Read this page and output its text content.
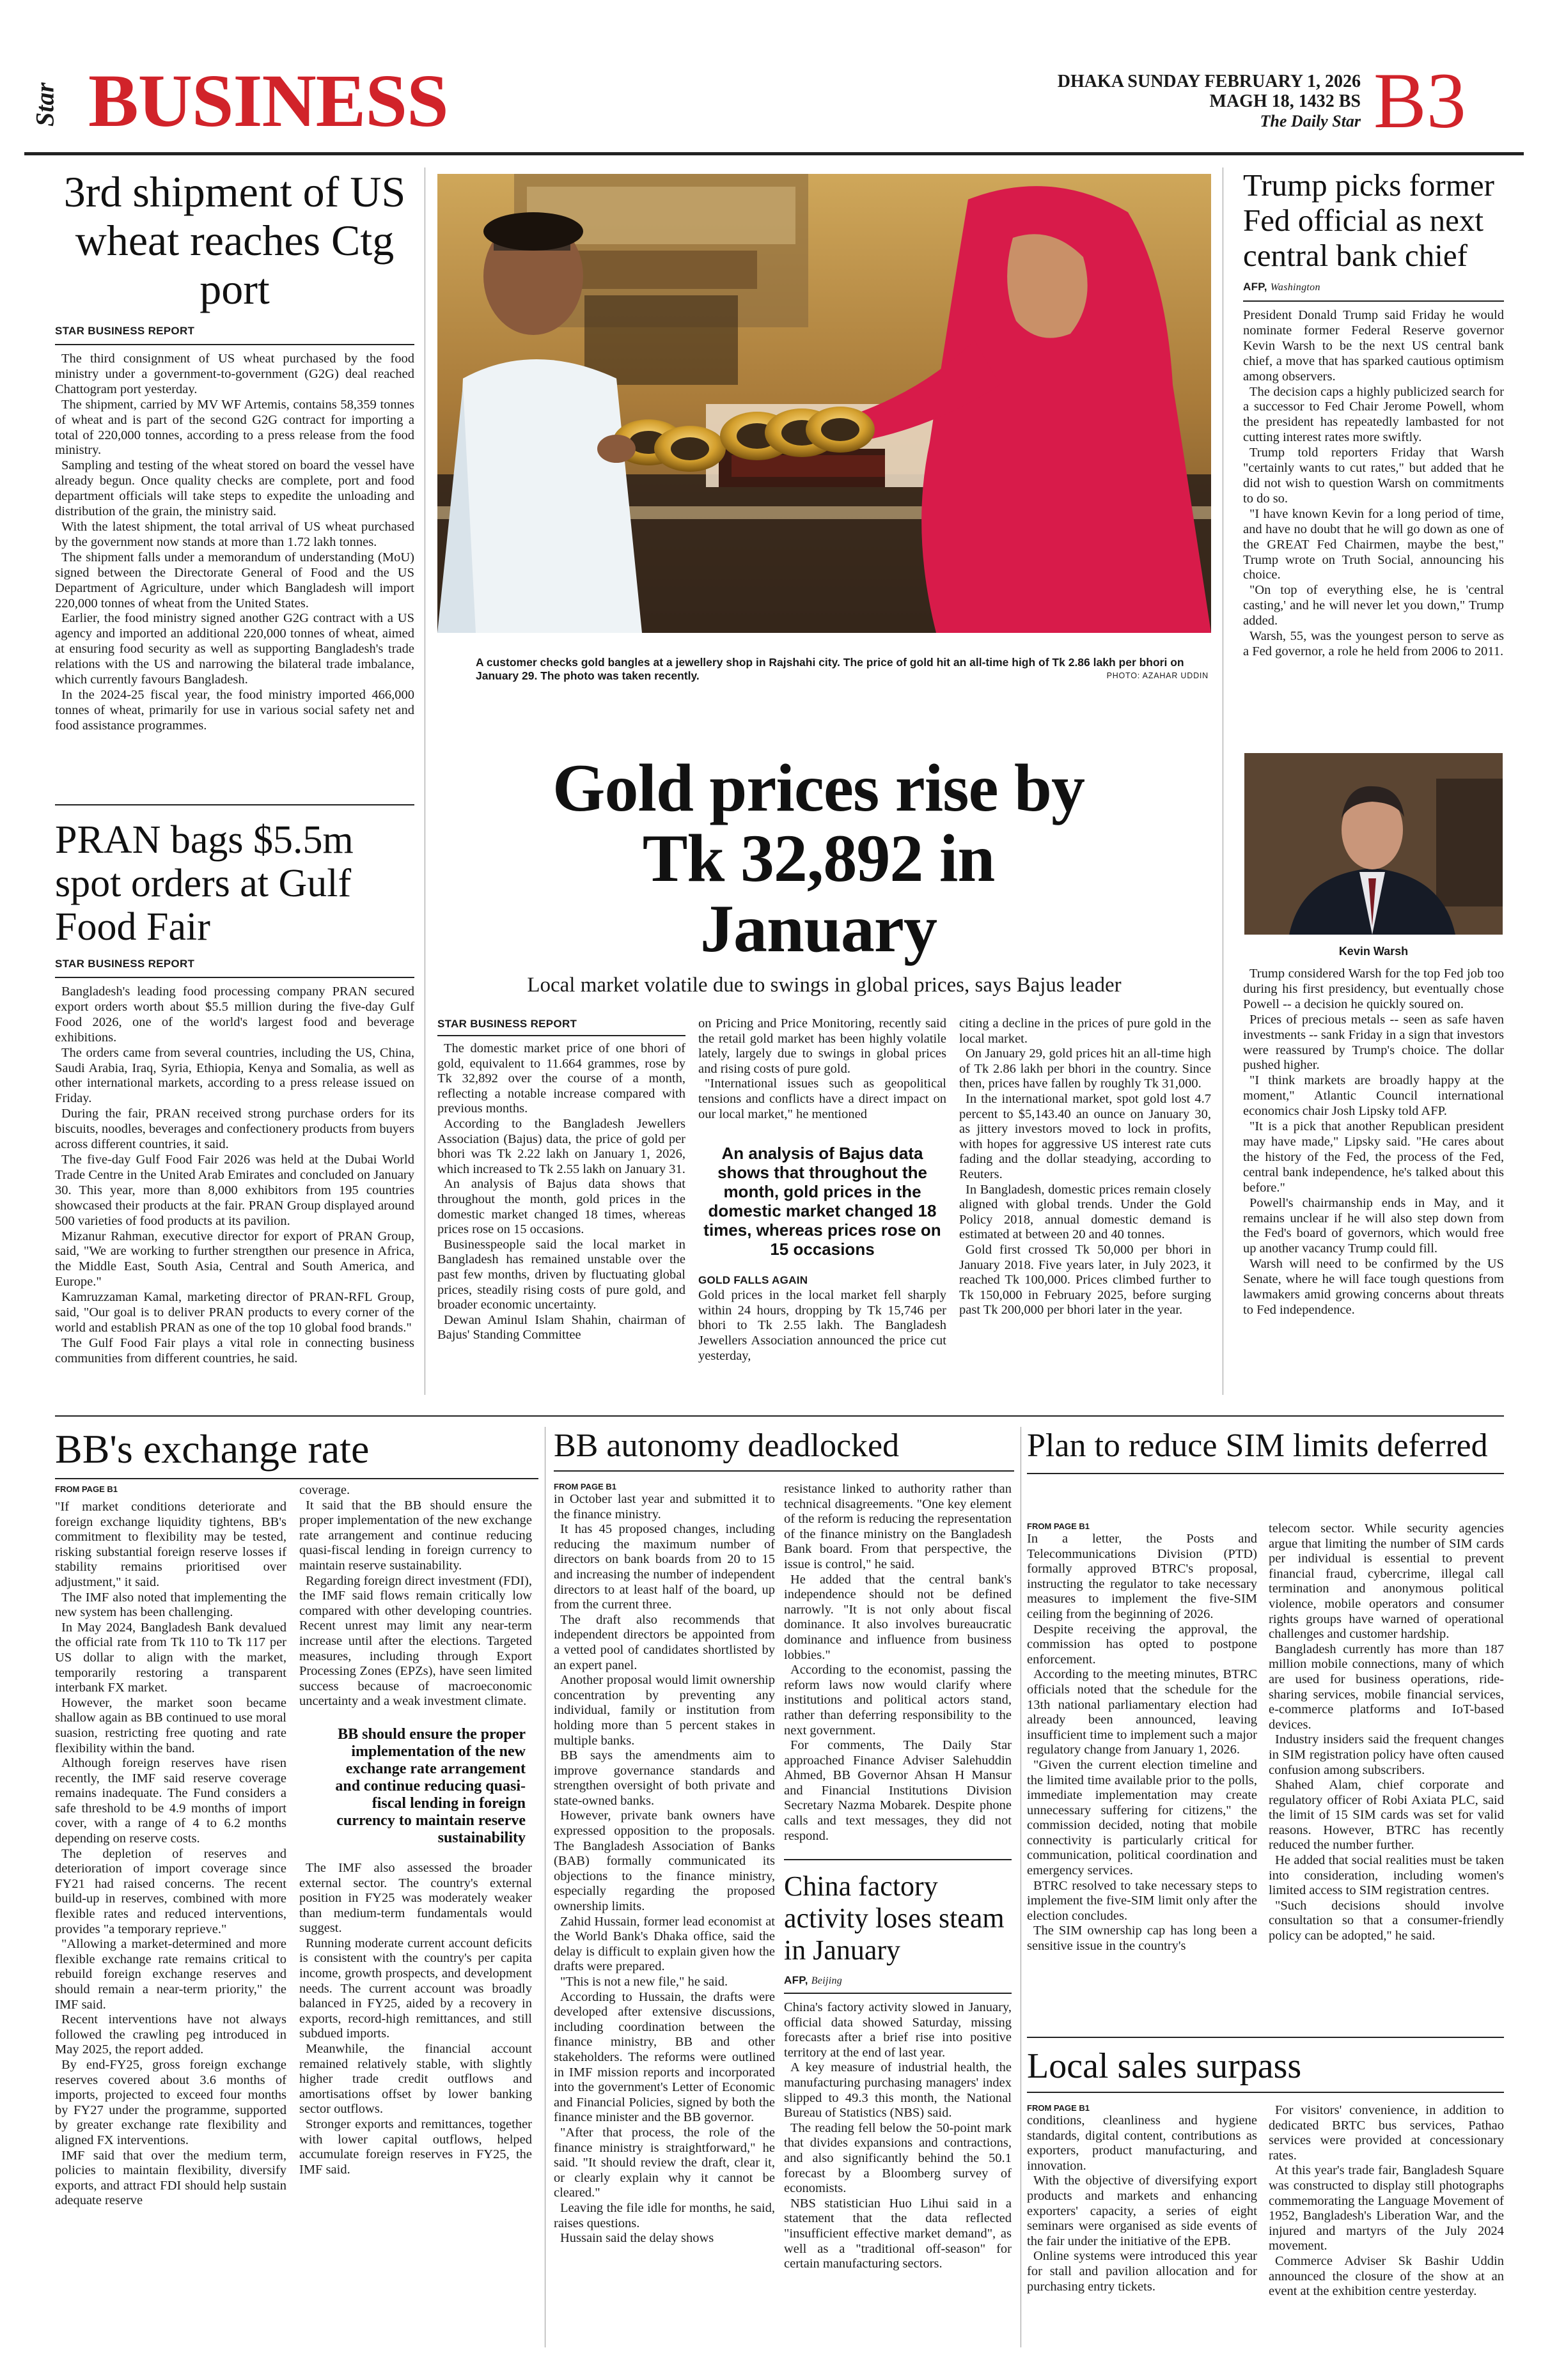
Star BUSINESS	DHAKA SUNDAY FEBRUARY 1, 2026
MAGH 18, 1432 BS
The Daily Star B3
3rd shipment of US wheat reaches Ctg port
STAR BUSINESS REPORT

The third consignment of US wheat purchased by the food ministry under a government-to-government (G2G) deal reached Chattogram port yesterday.

The shipment, carried by MV WF Artemis, contains 58,359 tonnes of wheat and is part of the second G2G contract for importing a total of 220,000 tonnes, according to a press release from the food ministry.

Sampling and testing of the wheat stored on board the vessel have already begun. Once quality checks are complete, port and food department officials will take steps to expedite the unloading and distribution of the grain, the ministry said.

With the latest shipment, the total arrival of US wheat purchased by the government now stands at more than 1.72 lakh tonnes.

The shipment falls under a memorandum of understanding (MoU) signed between the Directorate General of Food and the US Department of Agriculture, under which Bangladesh will import 220,000 tonnes of wheat from the United States.

Earlier, the food ministry signed another G2G contract with a US agency and imported an additional 220,000 tonnes of wheat, aimed at ensuring food security as well as supporting Bangladesh's trade relations with the US and narrowing the bilateral trade imbalance, which currently favours Bangladesh.

In the 2024-25 fiscal year, the food ministry imported 466,000 tonnes of wheat, primarily for use in various social safety net and food assistance programmes.

PRAN bags $5.5m spot orders at Gulf Food Fair
STAR BUSINESS REPORT

Bangladesh's leading food processing company PRAN secured export orders worth about $5.5 million during the five-day Gulf Food 2026, one of the world's largest food and beverage exhibitions.

The orders came from several countries, including the US, China, Saudi Arabia, Iraq, Syria, Ethiopia, Kenya and Somalia, as well as other international markets, according to a press release issued on Friday.

During the fair, PRAN received strong purchase orders for its biscuits, noodles, beverages and confectionery products from buyers across different countries, it said.

The five-day Gulf Food Fair 2026 was held at the Dubai World Trade Centre in the United Arab Emirates and concluded on January 30. This year, more than 8,000 exhibitors from 195 countries showcased their products at the fair. PRAN Group displayed around 500 varieties of food products at its pavilion.

Mizanur Rahman, executive director for export of PRAN Group, said, "We are working to further strengthen our presence in Africa, the Middle East, South Asia, Central and South America, and Europe."

Kamruzzaman Kamal, marketing director of PRAN-RFL Group, said, "Our goal is to deliver PRAN products to every corner of the world and establish PRAN as one of the top 10 global food brands."

The Gulf Food Fair plays a vital role in connecting business communities from different countries, he said.

A customer checks gold bangles at a jewellery shop in Rajshahi city. The price of gold hit an all-time high of Tk 2.86 lakh per bhori on January 29. The photo was taken recently.	PHOTO: AZAHAR UDDIN
Gold prices rise by Tk 32,892 in January
Local market volatile due to swings in global prices, says Bajus leader
STAR BUSINESS REPORT

The domestic market price of one bhori of gold, equivalent to 11.664 grammes, rose by Tk 32,892 over the course of a month, reflecting a notable increase compared with previous months.

According to the Bangladesh Jewellers Association (Bajus) data, the price of gold per bhori was Tk 2.22 lakh on January 1, 2026, which increased to Tk 2.55 lakh on January 31.

An analysis of Bajus data shows that throughout the month, gold prices in the domestic market changed 18 times, whereas prices rose on 15 occasions.

Businesspeople said the local market in Bangladesh has remained unstable over the past few months, driven by fluctuating global prices, steadily rising costs of pure gold, and broader economic uncertainty.

Dewan Aminul Islam Shahin, chairman of Bajus' Standing Committee

on Pricing and Price Monitoring, recently said the retail gold market has been highly volatile lately, largely due to swings in global prices and rising costs of pure gold.

"International issues such as geopolitical tensions and conflicts have a direct impact on our local market," he mentioned

An analysis of Bajus data shows that throughout the month, gold prices in the domestic market changed 18 times, whereas prices rose on 15 occasions
GOLD FALLS AGAIN

Gold prices in the local market fell sharply within 24 hours, dropping by Tk 15,746 per bhori to Tk 2.55 lakh. The Bangladesh Jewellers Association announced the price cut yesterday,

citing a decline in the prices of pure gold in the local market.

On January 29, gold prices hit an all-time high of Tk 2.86 lakh per bhori in the country. Since then, prices have fallen by roughly Tk 31,000.

In the international market, spot gold lost 4.7 percent to $5,143.40 an ounce on January 30, as jittery investors moved to lock in profits, with hopes for aggressive US interest rate cuts fading and the dollar steadying, according to Reuters.

In Bangladesh, domestic prices remain closely aligned with global trends. Under the Gold Policy 2018, annual domestic demand is estimated at between 20 and 40 tonnes.

Gold first crossed Tk 50,000 per bhori in January 2018. Five years later, in July 2023, it reached Tk 100,000. Prices climbed further to Tk 150,000 in February 2025, before surging past Tk 200,000 per bhori later in the year.

Trump picks former Fed official as next central bank chief
AFP, Washington

President Donald Trump said Friday he would nominate former Federal Reserve governor Kevin Warsh to be the next US central bank chief, a move that has sparked cautious optimism among observers.

The decision caps a highly publicized search for a successor to Fed Chair Jerome Powell, whom the president has repeatedly lambasted for not cutting interest rates more swiftly.

Trump told reporters Friday that Warsh "certainly wants to cut rates," but added that he did not wish to question Warsh on commitments to do so.

"I have known Kevin for a long period of time, and have no doubt that he will go down as one of the GREAT Fed Chairmen, maybe the best," Trump wrote on Truth Social, announcing his choice.

"On top of everything else, he is 'central casting,' and he will never let you down," Trump added.

Warsh, 55, was the youngest person to serve as a Fed governor, a role he held from 2006 to 2011.

Kevin Warsh

Trump considered Warsh for the top Fed job too during his first presidency, but eventually chose Powell -- a decision he quickly soured on.

Prices of precious metals -- seen as safe haven investments -- sank Friday in a sign that investors were reassured by Trump's choice. The dollar pushed higher.

"I think markets are broadly happy at the moment," Atlantic Council international economics chair Josh Lipsky told AFP.

"It is a pick that another Republican president may have made," Lipsky said. "He cares about the history of the Fed, the process of the Fed, central bank independence, he's talked about this before."

Powell's chairmanship ends in May, and it remains unclear if he will also step down from the Fed's board of governors, which would free up another vacancy Trump could fill.

Warsh will need to be confirmed by the US Senate, where he will face tough questions from lawmakers amid growing concerns about threats to Fed independence.

BB's exchange rate
FROM PAGE B1

"If market conditions deteriorate and foreign exchange liquidity tightens, BB's commitment to flexibility may be tested, risking substantial foreign reserve losses if stability remains prioritised over adjustment," it said.

The IMF also noted that implementing the new system has been challenging.

In May 2024, Bangladesh Bank devalued the official rate from Tk 110 to Tk 117 per US dollar to align with the market, temporarily restoring a transparent interbank FX market.

However, the market soon became shallow again as BB continued to use moral suasion, restricting free quoting and rate flexibility within the band.

Although foreign reserves have risen recently, the IMF said reserve coverage remains inadequate. The Fund considers a safe threshold to be 4.9 months of import cover, with a range of 4 to 6.2 months depending on reserve costs.

The depletion of reserves and deterioration of import coverage since FY21 had raised concerns. The recent build-up in reserves, combined with more flexible rates and reduced interventions, provides "a temporary reprieve."

"Allowing a market-determined and more flexible exchange rate remains critical to rebuild foreign exchange reserves and should remain a near-term priority," the IMF said.

Recent interventions have not always followed the crawling peg introduced in May 2025, the report added.

By end-FY25, gross foreign exchange reserves covered about 3.6 months of imports, projected to exceed four months by FY27 under the programme, supported by greater exchange rate flexibility and aligned FX interventions.

IMF said that over the medium term, policies to maintain flexibility, diversify exports, and attract FDI should help sustain adequate reserve

coverage.

It said that the BB should ensure the proper implementation of the new exchange rate arrangement and continue reducing quasi-fiscal lending in foreign currency to maintain reserve sustainability.

Regarding foreign direct investment (FDI), the IMF said flows remain critically low compared with other developing countries. Recent unrest may limit any near-term increase until after the elections. Targeted measures, including through Export Processing Zones (EPZs), have seen limited success because of macroeconomic uncertainty and a weak investment climate.

BB should ensure the proper implementation of the new exchange rate arrangement and continue reducing quasi-fiscal lending in foreign currency to maintain reserve sustainability

The IMF also assessed the broader external sector. The country's external position in FY25 was moderately weaker than medium-term fundamentals would suggest.

Running moderate current account deficits is consistent with the country's per capita income, growth prospects, and development needs. The current account was broadly balanced in FY25, aided by a recovery in exports, record-high remittances, and still subdued imports.

Meanwhile, the financial account remained relatively stable, with slightly higher trade credit outflows and amortisations offset by lower banking sector outflows.

Stronger exports and remittances, together with lower capital outflows, helped accumulate foreign reserves in FY25, the IMF said.

BB autonomy deadlocked
FROM PAGE B1

in October last year and submitted it to the finance ministry.

It has 45 proposed changes, including reducing the maximum number of directors on bank boards from 20 to 15 and increasing the number of independent directors to at least half of the board, up from the current three.

The draft also recommends that independent directors be appointed from a vetted pool of candidates shortlisted by an expert panel.

Another proposal would limit ownership concentration by preventing any individual, family or institution from holding more than 5 percent stakes in multiple banks.

BB says the amendments aim to improve governance standards and strengthen oversight of both private and state-owned banks.

However, private bank owners have expressed opposition to the proposals. The Bangladesh Association of Banks (BAB) formally communicated its objections to the finance ministry, especially regarding the proposed ownership limits.

Zahid Hussain, former lead economist at the World Bank's Dhaka office, said the delay is difficult to explain given how the drafts were prepared.

"This is not a new file," he said.

According to Hussain, the drafts were developed after extensive discussions, including coordination between the finance ministry, BB and other stakeholders. The reforms were outlined in IMF mission reports and incorporated into the government's Letter of Economic and Financial Policies, signed by both the finance minister and the BB governor.

"After that process, the role of the finance ministry is straightforward," he said. "It should review the draft, clear it, or clearly explain why it cannot be cleared."

Leaving the file idle for months, he said, raises questions.

Hussain said the delay shows

resistance linked to authority rather than technical disagreements. "One key element of the reform is reducing the representation of the finance ministry on the Bangladesh Bank board. From that perspective, the issue is control," he said.

He added that the central bank's independence should not be defined narrowly. "It is not only about fiscal dominance. It also involves bureaucratic dominance and influence from business lobbies."

According to the economist, passing the reform laws now would clarify where institutions and political actors stand, rather than deferring responsibility to the next government.

For comments, The Daily Star approached Finance Adviser Salehuddin Ahmed, BB Governor Ahsan H Mansur and Financial Institutions Division Secretary Nazma Mobarek. Despite phone calls and text messages, they did not respond.

China factory activity loses steam in January
AFP, Beijing

China's factory activity slowed in January, official data showed Saturday, missing forecasts after a brief rise into positive territory at the end of last year.

A key measure of industrial health, the manufacturing purchasing managers' index slipped to 49.3 this month, the National Bureau of Statistics (NBS) said.

The reading fell below the 50-point mark that divides expansions and contractions, and also significantly behind the 50.1 forecast by a Bloomberg survey of economists.

NBS statistician Huo Lihui said in a statement that the data reflected "insufficient effective market demand", as well as a "traditional off-season" for certain manufacturing sectors.

Plan to reduce SIM limits deferred
FROM PAGE B1

In a letter, the Posts and Telecommunications Division (PTD) formally approved BTRC's proposal, instructing the regulator to take necessary measures to implement the five-SIM ceiling from the beginning of 2026.

Despite receiving the approval, the commission has opted to postpone enforcement.

According to the meeting minutes, BTRC officials noted that the schedule for the 13th national parliamentary election had already been announced, leaving insufficient time to implement such a major regulatory change from January 1, 2026.

"Given the current election timeline and the limited time available prior to the polls, immediate implementation may create unnecessary suffering for citizens," the commission decided, noting that mobile connectivity is particularly critical for communication, political coordination and emergency services.

BTRC resolved to take necessary steps to implement the five-SIM limit only after the election concludes.

The SIM ownership cap has long been a sensitive issue in the country's

telecom sector. While security agencies argue that limiting the number of SIM cards per individual is essential to prevent financial fraud, cybercrime, illegal call termination and anonymous political violence, mobile operators and consumer rights groups have warned of operational challenges and customer hardship.

Bangladesh currently has more than 187 million mobile connections, many of which are used for business operations, ride-sharing services, mobile financial services, e-commerce platforms and IoT-based devices.

Industry insiders said the frequent changes in SIM registration policy have often caused confusion among subscribers.

Shahed Alam, chief corporate and regulatory officer of Robi Axiata PLC, said the limit of 15 SIM cards was set for valid reasons. However, BTRC has recently reduced the number further.

He added that social realities must be taken into consideration, including women's limited access to SIM registration centres.

"Such decisions should involve consultation so that a consumer-friendly policy can be adopted," he said.

Local sales surpass
FROM PAGE B1

conditions, cleanliness and hygiene standards, digital content, contributions as exporters, product manufacturing, and innovation.

With the objective of diversifying export products and markets and enhancing exporters' capacity, a series of eight seminars were organised as side events of the fair under the initiative of the EPB.

Online systems were introduced this year for stall and pavilion allocation and for purchasing entry tickets.

For visitors' convenience, in addition to dedicated BRTC bus services, Pathao services were provided at concessionary rates.

At this year's trade fair, Bangladesh Square was constructed to display still photographs commemorating the Language Movement of 1952, Bangladesh's Liberation War, and the injured and martyrs of the July 2024 movement.

Commerce Adviser Sk Bashir Uddin announced the closure of the show at an event at the exhibition centre yesterday.
